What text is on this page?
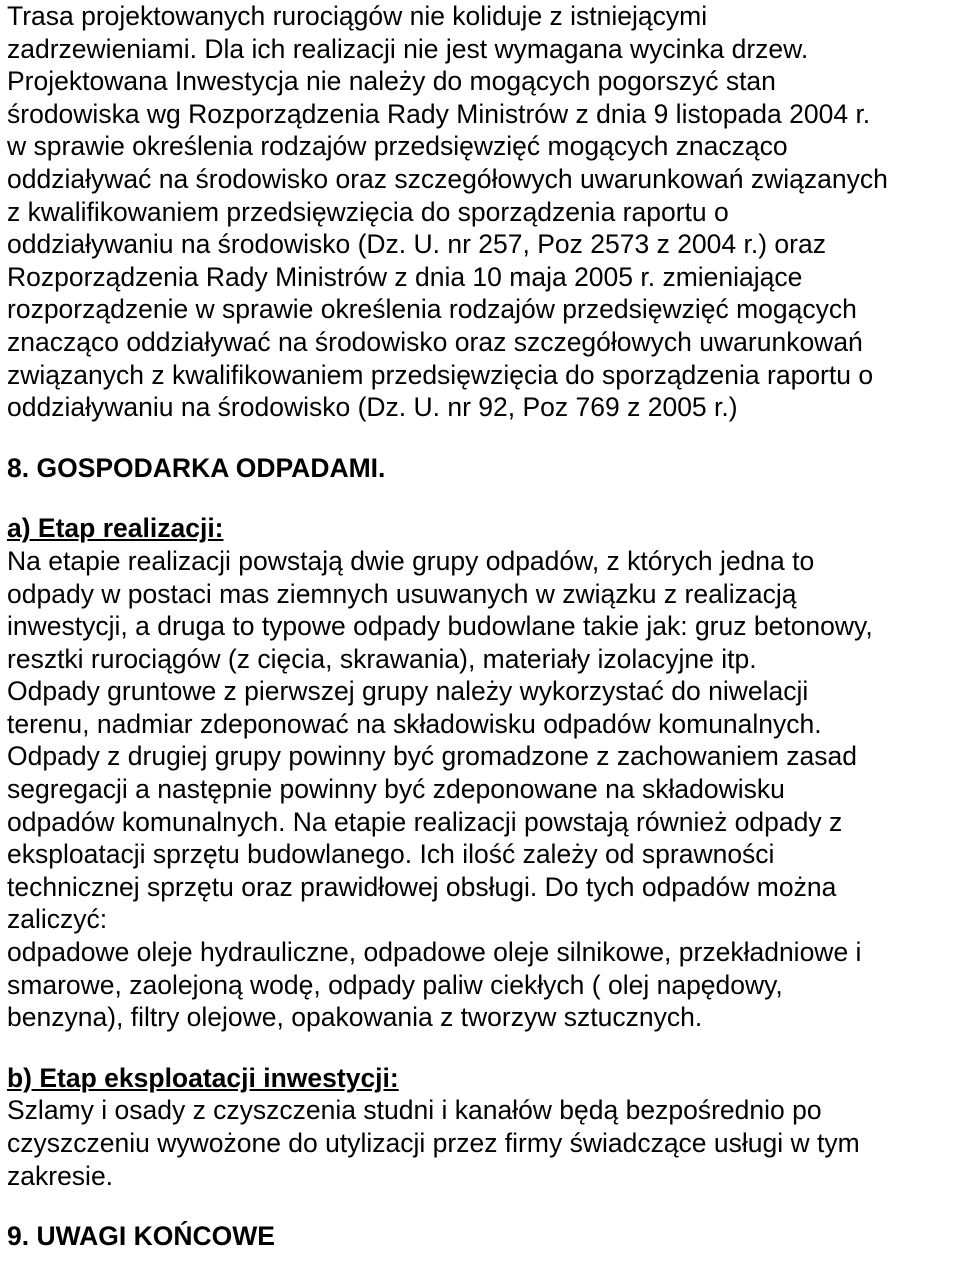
Trasa projektowanych rurociągów nie koliduje z istniejącymi
zadrzewieniami. Dla ich realizacji nie jest wymagana wycinka drzew.
Projektowana Inwestycja nie należy do mogących pogorszyć stan
środowiska wg Rozporządzenia Rady Ministrów z dnia 9 listopada 2004 r.
w sprawie określenia rodzajów przedsięwzięć mogących znacząco
oddziaływać na środowisko oraz szczegółowych uwarunkowań związanych
z kwalifikowaniem przedsięwzięcia do sporządzenia raportu o
oddziaływaniu na środowisko (Dz. U. nr 257, Poz 2573 z 2004 r.) oraz
Rozporządzenia Rady Ministrów z dnia 10 maja 2005 r. zmieniające
rozporządzenie w sprawie określenia rodzajów przedsięwzięć mogących
znacząco oddziaływać na środowisko oraz szczegółowych uwarunkowań
związanych z kwalifikowaniem przedsięwzięcia do sporządzenia raportu o
oddziaływaniu na środowisko (Dz. U. nr 92, Poz 769 z 2005 r.)
8. GOSPODARKA ODPADAMI.
a) Etap realizacji:
Na etapie realizacji powstają dwie grupy odpadów, z których jedna to
odpady w postaci mas ziemnych usuwanych w związku z realizacją
inwestycji, a druga to typowe odpady budowlane takie jak: gruz betonowy,
resztki rurociągów (z cięcia, skrawania), materiały izolacyjne itp.
Odpady gruntowe z pierwszej grupy należy wykorzystać do niwelacji
terenu, nadmiar zdeponować na składowisku odpadów komunalnych.
Odpady z drugiej grupy powinny być gromadzone z zachowaniem zasad
segregacji a następnie powinny być zdeponowane na składowisku
odpadów komunalnych. Na etapie realizacji powstają również odpady z
eksploatacji sprzętu budowlanego. Ich ilość zależy od sprawności
technicznej sprzętu oraz prawidłowej obsługi. Do tych odpadów można
zaliczyć:
odpadowe oleje hydrauliczne, odpadowe oleje silnikowe, przekładniowe i
smarowe, zaolejoną wodę, odpady paliw ciekłych ( olej napędowy,
benzyna), filtry olejowe, opakowania z tworzyw sztucznych.
b) Etap eksploatacji inwestycji:
Szlamy i osady z czyszczenia studni i kanałów będą bezpośrednio po
czyszczeniu wywożone do utylizacji przez firmy świadczące usługi w tym
zakresie.
9. UWAGI KOŃCOWE
